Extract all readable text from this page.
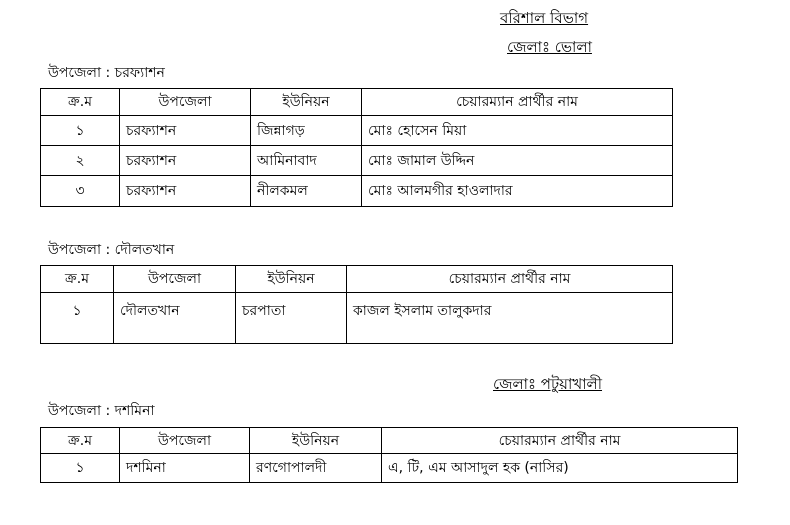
বরিশাল বিভাগ
জেলাঃ ভোলা
উপজেলা : চরফ্যাশন
ক্র.ম	উপজেলা	ইউনিয়ন	চেয়ারম্যান প্রার্থীর নাম
১	চরফ্যাশন	জিন্নাগড়	মোঃ হোসেন মিয়া
২	চরফ্যাশন	আমিনাবাদ	মোঃ জামাল উদ্দিন
৩	চরফ্যাশন	নীলকমল	মোঃ আলমগীর হাওলাদার
উপজেলা : দৌলতখান
ক্র.ম	উপজেলা	ইউনিয়ন	চেয়ারম্যান প্রার্থীর নাম
১	দৌলতখান	চরপাতা	কাজল ইসলাম তালুকদার
জেলাঃ পটুয়াখালী
উপজেলা : দশমিনা
ক্র.ম	উপজেলা	ইউনিয়ন	চেয়ারম্যান প্রার্থীর নাম
১	দশমিনা	রণগোপালদী	এ, টি, এম আসাদুল হক (নাসির)
